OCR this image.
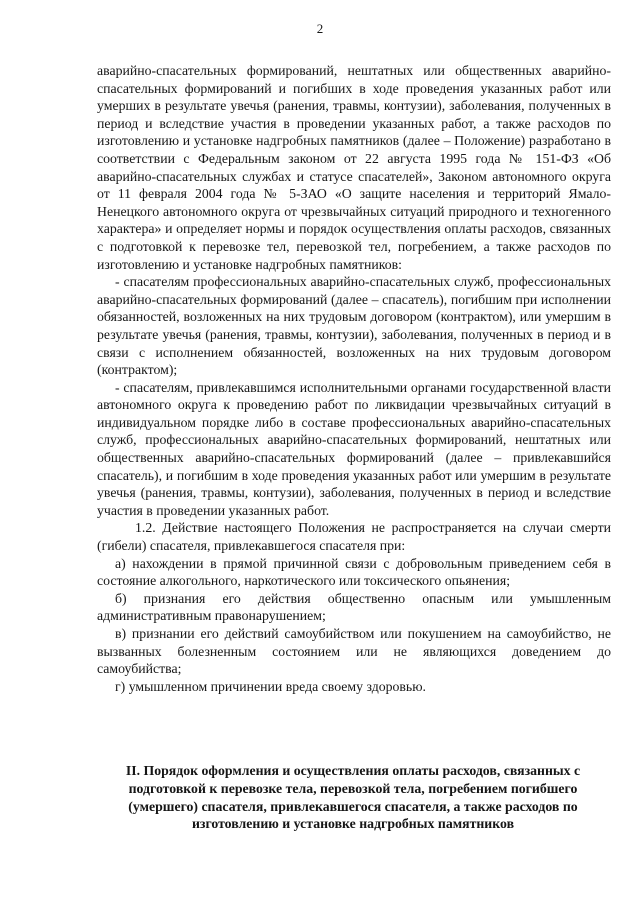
2

аварийно-спасательных формирований, нештатных или общественных аварийно-спасательных формирований и погибших в ходе проведения указанных работ или умерших в результате увечья (ранения, травмы, контузии), заболевания, полученных в период и вследствие участия в проведении указанных работ, а также расходов по изготовлению и установке надгробных памятников (далее – Положение) разработано в соответствии с Федеральным законом от 22 августа 1995 года № 151-ФЗ «Об аварийно-спасательных службах и статусе спасателей», Законом автономного округа от 11 февраля 2004 года № 5-ЗАО «О защите населения и территорий Ямало-Ненецкого автономного округа от чрезвычайных ситуаций природного и техногенного характера» и определяет нормы и порядок осуществления оплаты расходов, связанных с подготовкой к перевозке тел, перевозкой тел, погребением, а также расходов по изготовлению и установке надгробных памятников:

- спасателям профессиональных аварийно-спасательных служб, профессиональных аварийно-спасательных формирований (далее – спасатель), погибшим при исполнении обязанностей, возложенных на них трудовым договором (контрактом), или умершим в результате увечья (ранения, травмы, контузии), заболевания, полученных в период и в связи с исполнением обязанностей, возложенных на них трудовым договором (контрактом);

- спасателям, привлекавшимся исполнительными органами государственной власти автономного округа к проведению работ по ликвидации чрезвычайных ситуаций в индивидуальном порядке либо в составе профессиональных аварийно-спасательных служб, профессиональных аварийно-спасательных формирований, нештатных или общественных аварийно-спасательных формирований (далее – привлекавшийся спасатель), и погибшим в ходе проведения указанных работ или умершим в результате увечья (ранения, травмы, контузии), заболевания, полученных в период и вследствие участия в проведении указанных работ.

1.2. Действие настоящего Положения не распространяется на случаи смерти (гибели) спасателя, привлекавшегося спасателя при:

а) нахождении в прямой причинной связи с добровольным приведением себя в состояние алкогольного, наркотического или токсического опьянения;

б) признания его действия общественно опасным или умышленным административным правонарушением;

в) признании его действий самоубийством или покушением на самоубийство, не вызванных болезненным состоянием или не являющихся доведением до самоубийства;

г) умышленном причинении вреда своему здоровью.

II. Порядок оформления и осуществления оплаты расходов, связанных с подготовкой к перевозке тела, перевозкой тела, погребением погибшего (умершего) спасателя, привлекавшегося спасателя, а также расходов по изготовлению и установке надгробных памятников
